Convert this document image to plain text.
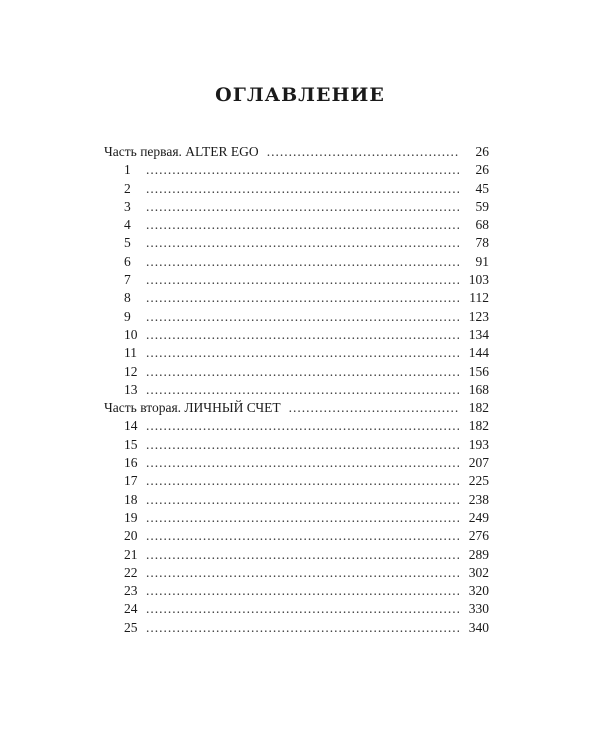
ОГЛАВЛЕНИЕ
Часть первая. ALTER EGO .....	26
1 .....	26
2 .....	45
3 .....	59
4 .....	68
5 .....	78
6 .....	91
7 .....	103
8 .....	112
9 .....	123
10 .....	134
11 .....	144
12 .....	156
13 .....	168
Часть вторая. ЛИЧНЫЙ СЧЕТ .....	182
14 .....	182
15 .....	193
16 .....	207
17 .....	225
18 .....	238
19 .....	249
20 .....	276
21 .....	289
22 .....	302
23 .....	320
24 .....	330
25 .....	340
